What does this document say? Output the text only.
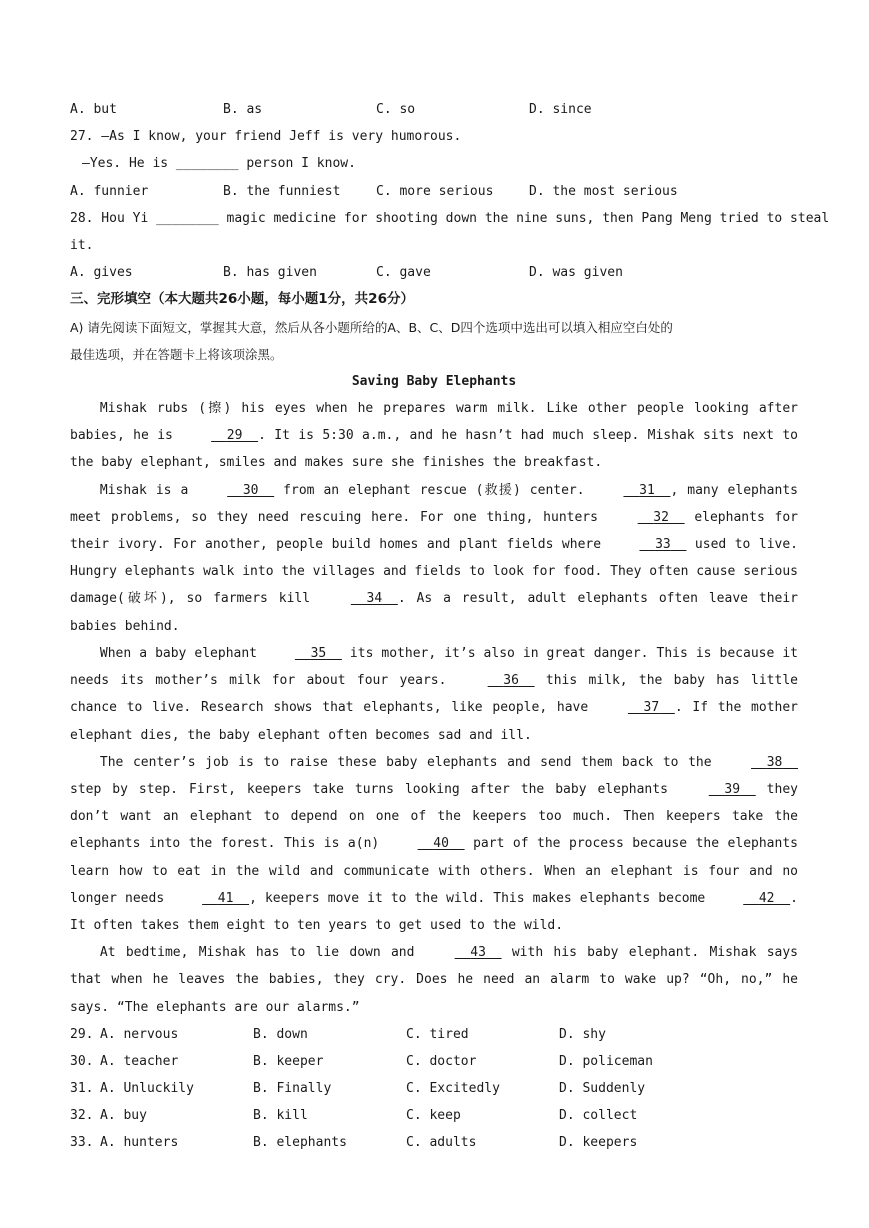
A. but	B. as	C. so	D. since
27. —As I know, your friend Jeff is very humorous.
—Yes. He is ________ person I know.
A. funnier	B. the funniest	C. more serious	D. the most serious
28. Hou Yi ________ magic medicine for shooting down the nine suns, then Pang Meng tried to steal
it.
A. gives	B. has given	C. gave	D. was given
三、完形填空（本大题共26小题，每小题1分，共26分）
A) 请先阅读下面短文，掌握其大意，然后从各小题所给的A、B、C、D四个选项中选出可以填入相应空白处的
最佳选项，并在答题卡上将该项涂黑。
Saving Baby Elephants
Mishak rubs (擦) his eyes when he prepares warm milk. Like other people looking after babies, he is	29 . It is 5:30 a.m., and he hasn’t had much sleep. Mishak sits next to the baby elephant, smiles and makes sure she finishes the breakfast.
Mishak is a	30 from an elephant rescue (救援) center.	31 , many elephants meet problems, so they need rescuing here. For one thing, hunters	32 elephants for their ivory. For another, people build homes and plant fields where	33 used to live. Hungry elephants walk into the villages and fields to look for food. They often cause serious damage(破坏), so farmers kill	34 . As a result, adult elephants often leave their babies behind.
When a baby elephant	35 its mother, it’s also in great danger. This is because it needs its mother’s milk for about four years.	36 this milk, the baby has little chance to live. Research shows that elephants, like people, have	37 . If the mother elephant dies, the baby elephant often becomes sad and ill.
The center’s job is to raise these baby elephants and send them back to the	38 step by step. First, keepers take turns looking after the baby elephants	39 they don’t want an elephant to depend on one of the keepers too much. Then keepers take the elephants into the forest. This is a(n)	40 part of the process because the elephants learn how to eat in the wild and communicate with others. When an elephant is four and no longer needs	41 , keepers move it to the wild. This makes elephants become	42 . It often takes them eight to ten years to get used to the wild.
At bedtime, Mishak has to lie down and	43 with his baby elephant. Mishak says that when he leaves the babies, they cry. Does he need an alarm to wake up? “Oh, no,” he says. “The elephants are our alarms.”
29. A. nervous	B. down	C. tired	D. shy
30. A. teacher	B. keeper	C. doctor	D. policeman
31. A. Unluckily	B. Finally	C. Excitedly	D. Suddenly
32. A. buy	B. kill	C. keep	D. collect
33. A. hunters	B. elephants	C. adults	D. keepers
